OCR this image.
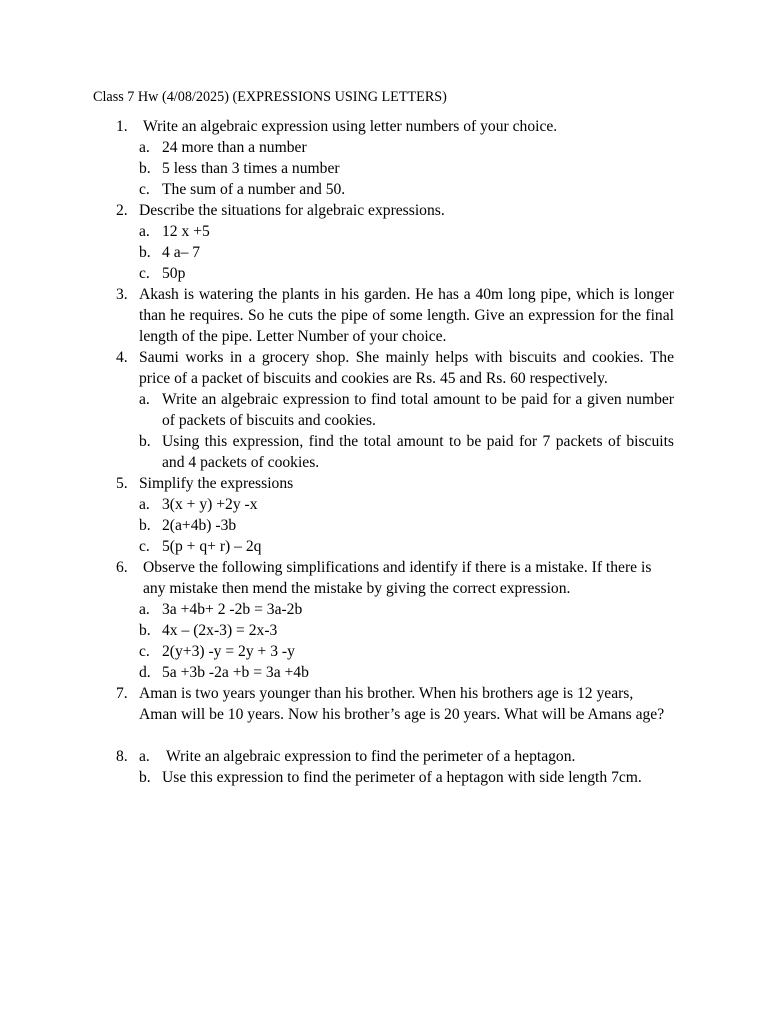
Class 7 Hw (4/08/2025) (EXPRESSIONS USING LETTERS)
1. Write an algebraic expression using letter numbers of your choice.
a. 24 more than a number
b. 5 less than 3 times a number
c. The sum of a number and 50.
2. Describe the situations for algebraic expressions.
a. 12 x +5
b. 4 a– 7
c. 50p
3. Akash is watering the plants in his garden. He has a 40m long pipe, which is longer than he requires. So he cuts the pipe of some length. Give an expression for the final length of the pipe. Letter Number of your choice.
4. Saumi works in a grocery shop. She mainly helps with biscuits and cookies. The price of a packet of biscuits and cookies are Rs. 45 and Rs. 60 respectively.
a. Write an algebraic expression to find total amount to be paid for a given number of packets of biscuits and cookies.
b. Using this expression, find the total amount to be paid for 7 packets of biscuits and 4 packets of cookies.
5. Simplify the expressions
a. 3(x + y) +2y -x
b. 2(a+4b) -3b
c. 5(p + q+ r) – 2q
6. Observe the following simplifications and identify if there is a mistake. If there is any mistake then mend the mistake by giving the correct expression.
a. 3a +4b+ 2 -2b = 3a-2b
b. 4x – (2x-3) = 2x-3
c. 2(y+3) -y = 2y + 3 -y
d. 5a +3b -2a +b = 3a +4b
7. Aman is two years younger than his brother. When his brothers age is 12 years, Aman will be 10 years. Now his brother’s age is 20 years. What will be Amans age?
8. a. Write an algebraic expression to find the perimeter of a heptagon.
b. Use this expression to find the perimeter of a heptagon with side length 7cm.
